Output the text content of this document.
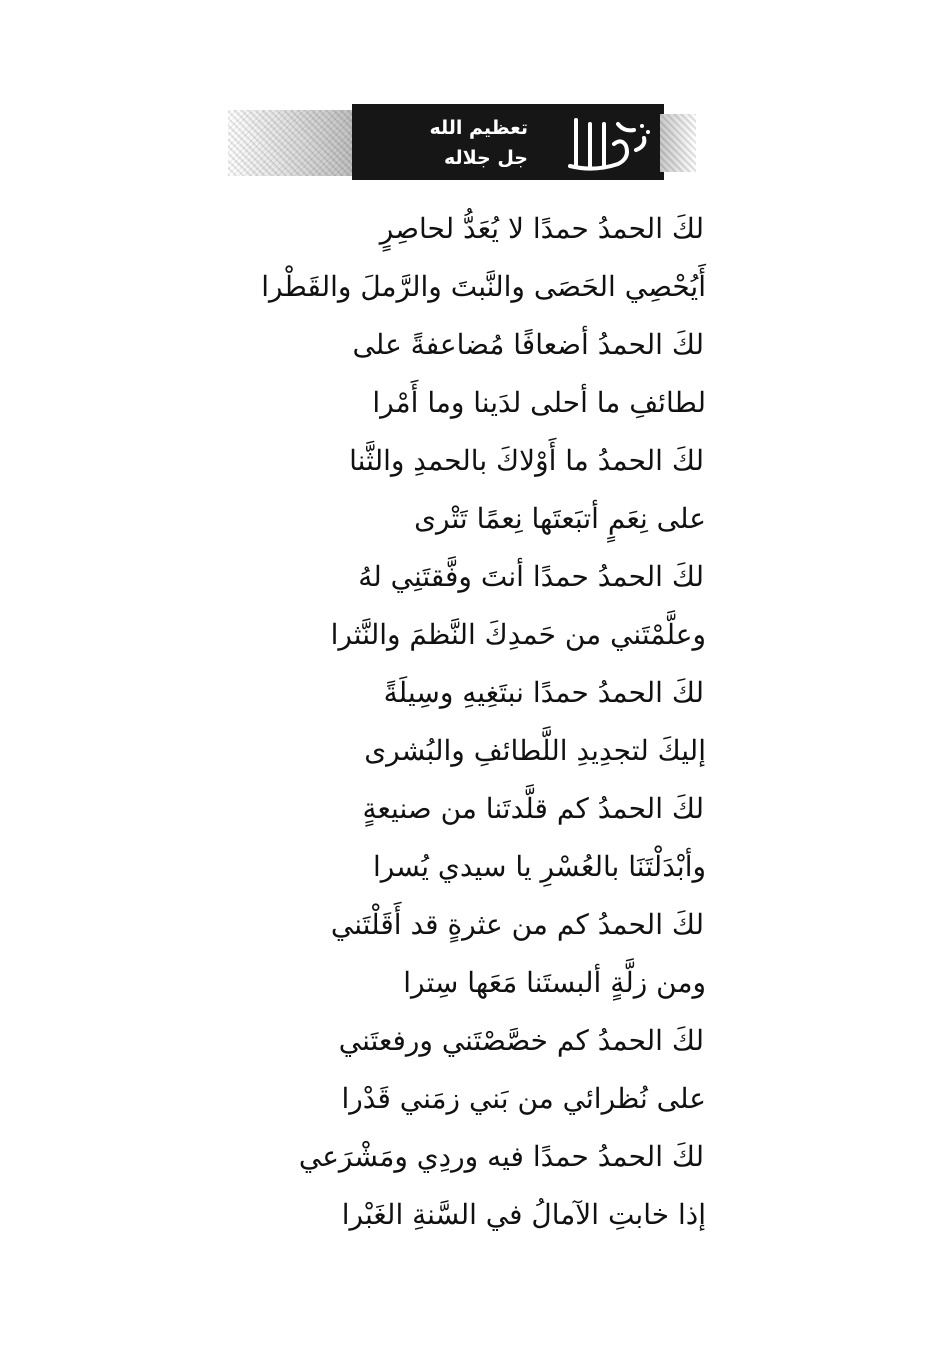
تعظيم الله
جل جلاله
لكَ الحمدُ حمدًا لا يُعَدُّ لحاصِرٍ
أَيُحْصِي الحَصَى والنَّبتَ والرَّملَ والقَطْرا
لكَ الحمدُ أضعافًا مُضاعفةً على
لطائفِ ما أحلى لدَينا وما أَمْرا
لكَ الحمدُ ما أَوْلاكَ بالحمدِ والثَّنا
على نِعَمٍ أتبَعتَها نِعمًا تَتْرى
لكَ الحمدُ حمدًا أنتَ وفَّقتَنِي لهُ
وعلَّمْتَني من حَمدِكَ النَّظمَ والنَّثرا
لكَ الحمدُ حمدًا نبتَغِيهِ وسِيلَةً
إليكَ لتجدِيدِ اللَّطائفِ والبُشرى
لكَ الحمدُ كم قلَّدتَنا من صنيعةٍ
وأبْدَلْتَنَا بالعُسْرِ يا سيدي يُسرا
لكَ الحمدُ كم من عثرةٍ قد أَقَلْتَني
ومن زلَّةٍ ألبستَنا مَعَها سِترا
لكَ الحمدُ كم خصَّصْتَني ورفعتَني
على نُظرائي من بَني زمَني قَدْرا
لكَ الحمدُ حمدًا فيه وردِي ومَشْرَعي
إذا خابتِ الآمالُ في السَّنةِ الغَبْرا
